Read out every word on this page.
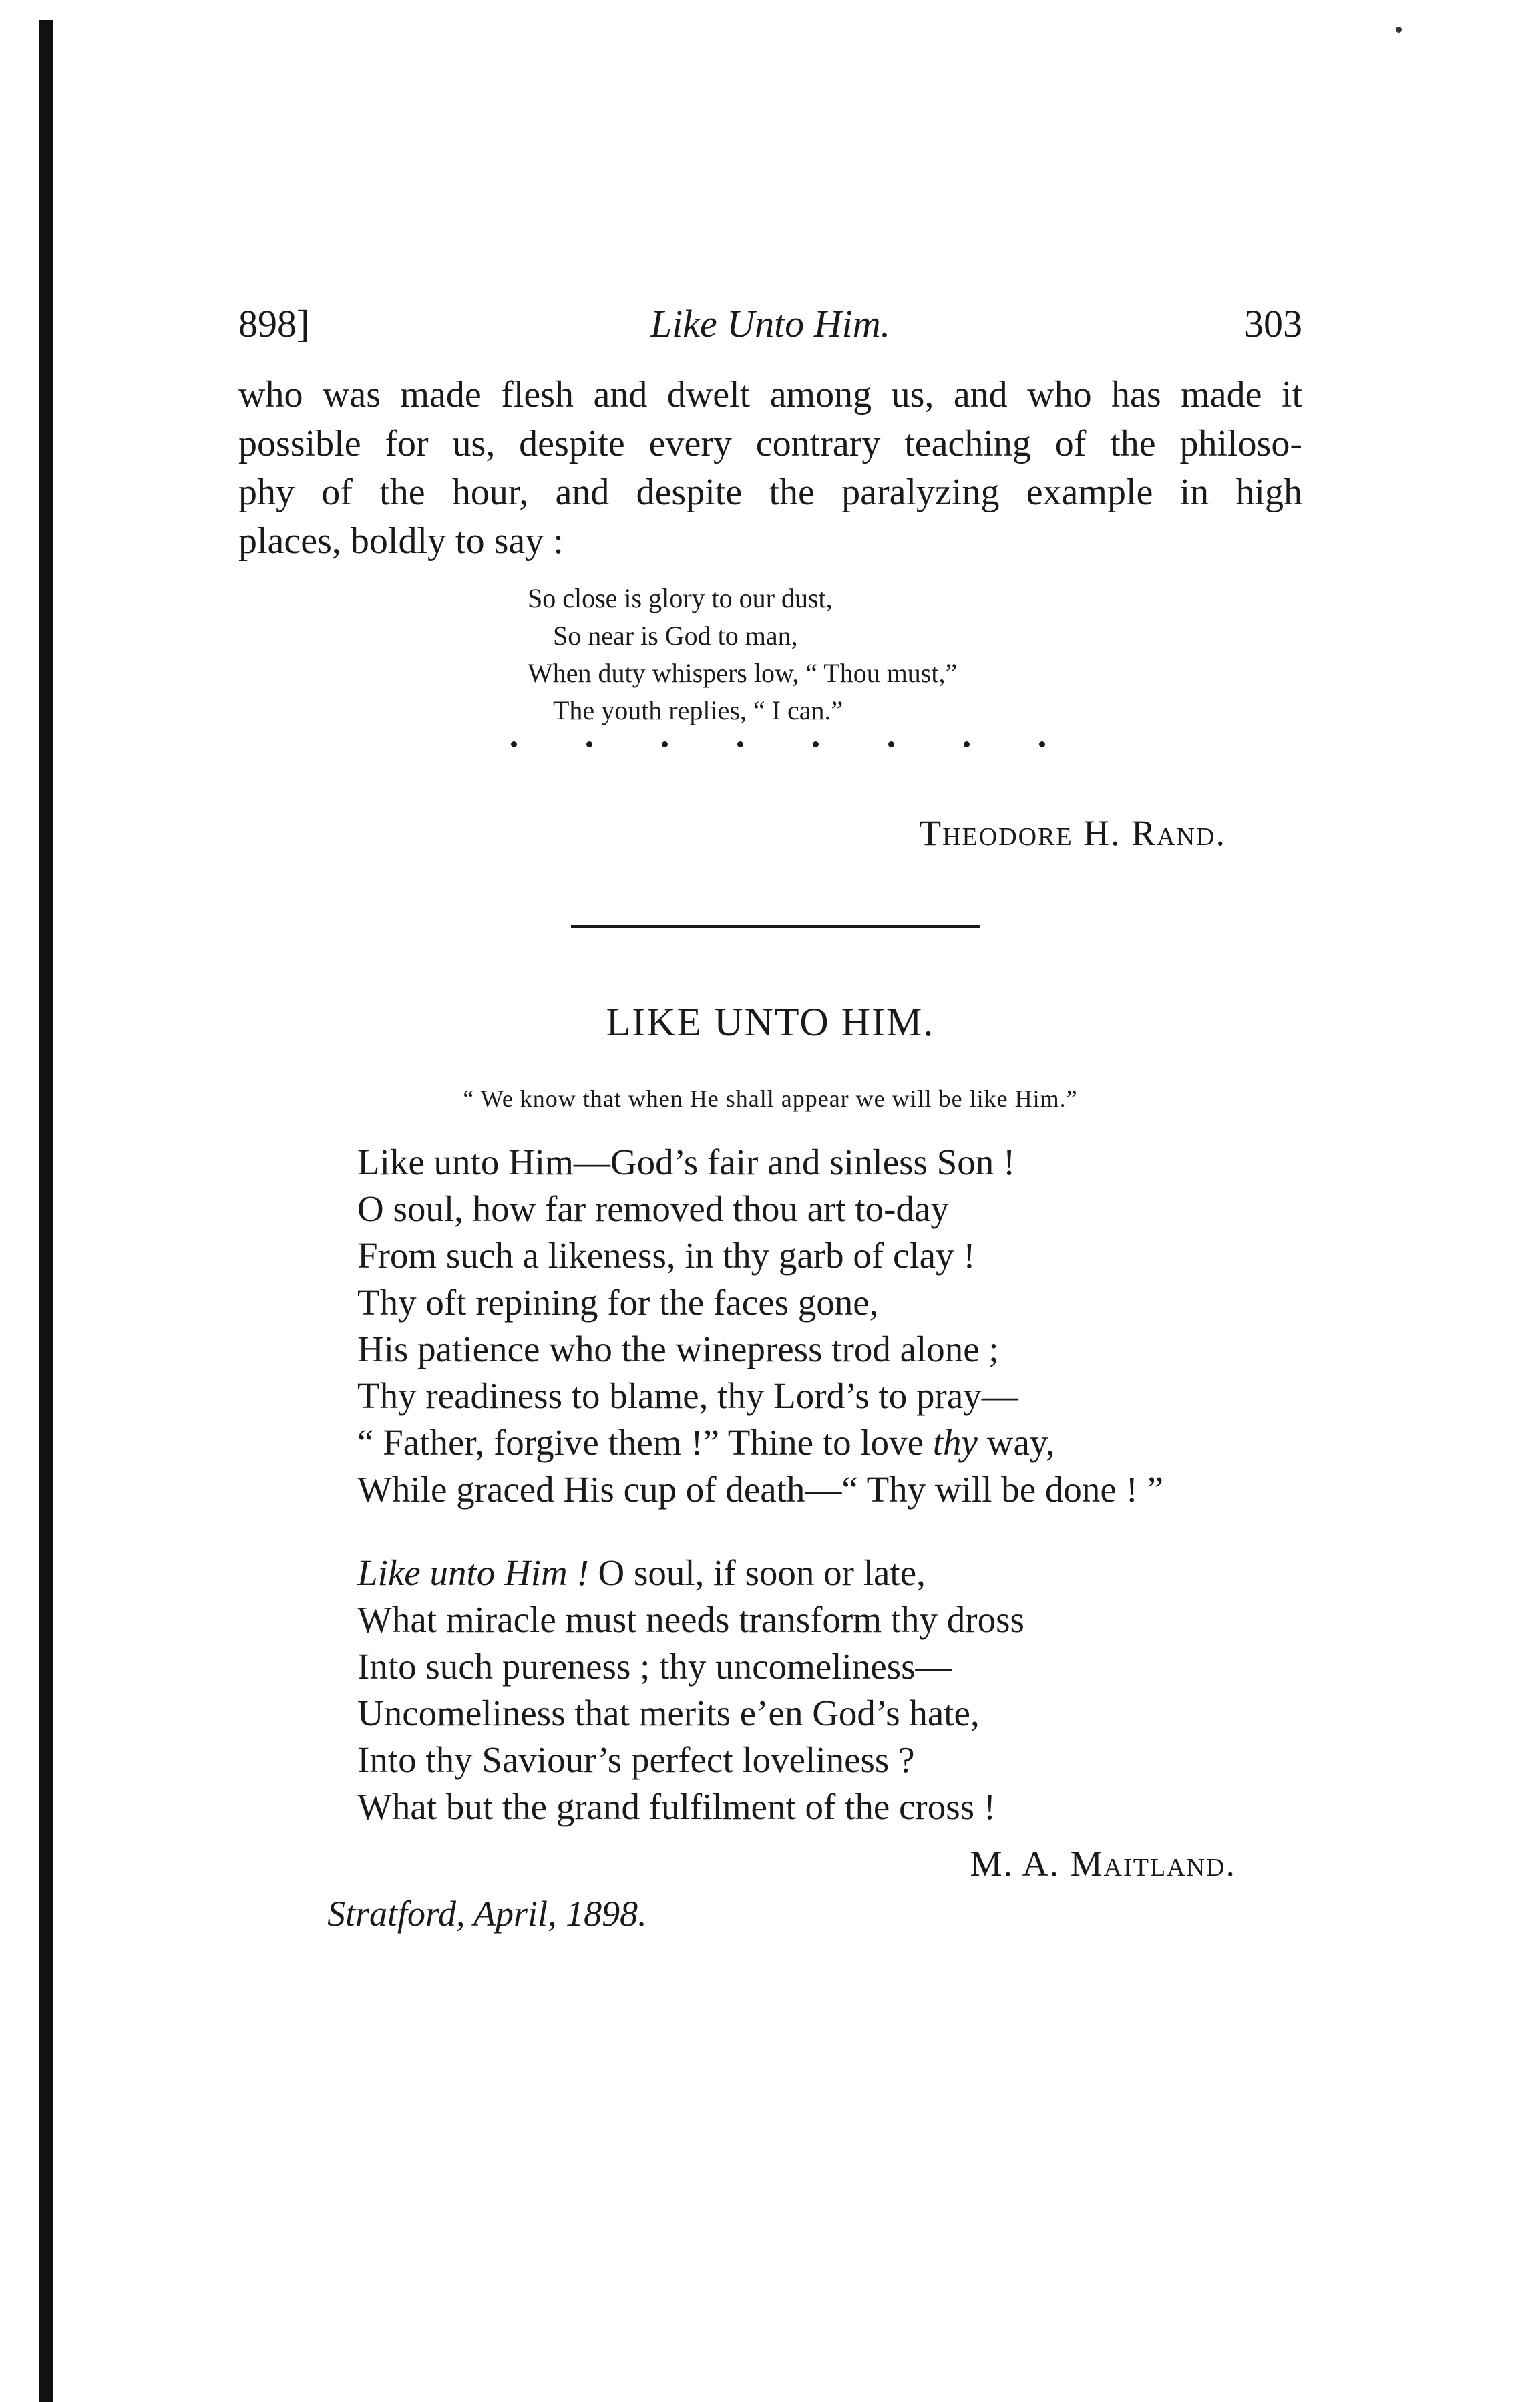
898]	Like Unto Him.	303
who was made flesh and dwelt among us, and who has made it
possible for us, despite every contrary teaching of the philoso-
phy of the hour, and despite the paralyzing example in high
places, boldly to say :
So close is glory to our dust,
So near is God to man,
When duty whispers low, “ Thou must,”
The youth replies, “ I can.”
Theodore H. Rand.
LIKE UNTO HIM.
“ We know that when He shall appear we will be like Him.”
Like unto Him—God’s fair and sinless Son !
O soul, how far removed thou art to-day
From such a likeness, in thy garb of clay !
Thy oft repining for the faces gone,
His patience who the winepress trod alone ;
Thy readiness to blame, thy Lord’s to pray—
“ Father, forgive them !” Thine to love thy way,
While graced His cup of death—“ Thy will be done ! ”
Like unto Him ! O soul, if soon or late,
What miracle must needs transform thy dross
Into such pureness ; thy uncomeliness—
Uncomeliness that merits e’en God’s hate,
Into thy Saviour’s perfect loveliness ?
What but the grand fulfilment of the cross !
M. A. Maitland.
Stratford, April, 1898.
